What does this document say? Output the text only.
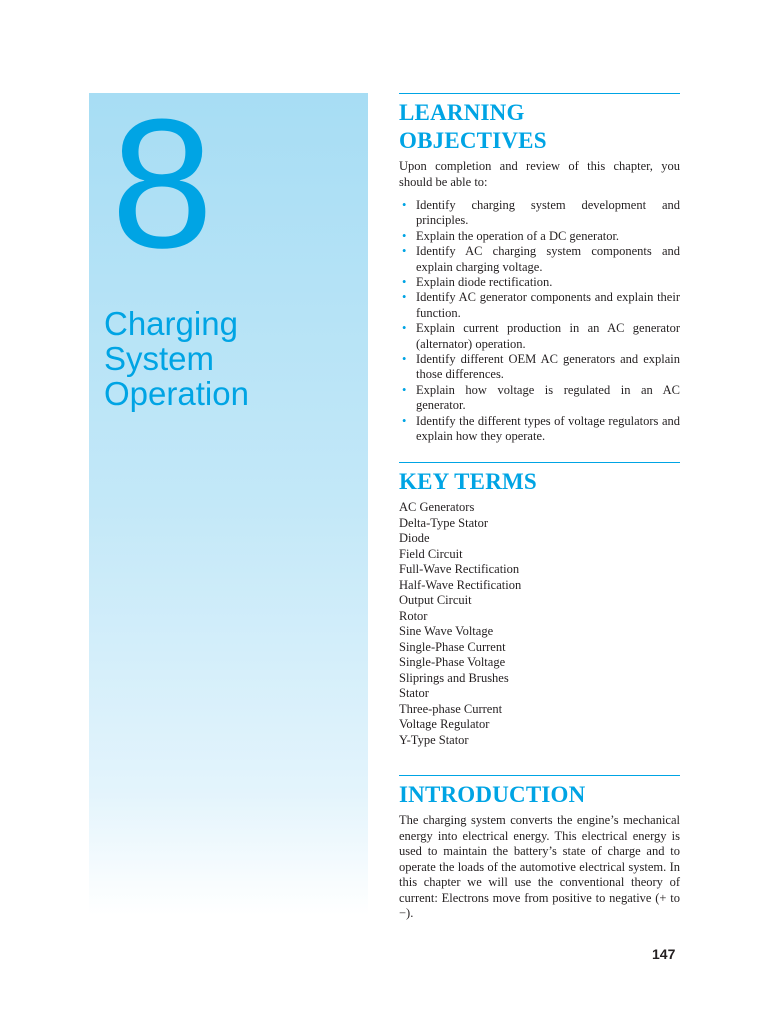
8

Charging
System
Operation
LEARNING
OBJECTIVES

Upon completion and review of this chapter, you should be able to:

• Identify charging system development and principles.
• Explain the operation of a DC generator.
• Identify AC charging system components and explain charging voltage.
• Explain diode rectification.
• Identify AC generator components and explain their function.
• Explain current production in an AC generator (alternator) operation.
• Identify different OEM AC generators and explain those differences.
• Explain how voltage is regulated in an AC generator.
• Identify the different types of voltage regulators and explain how they operate.
KEY TERMS
AC Generators
Delta-Type Stator
Diode
Field Circuit
Full-Wave Rectification
Half-Wave Rectification
Output Circuit
Rotor
Sine Wave Voltage
Single-Phase Current
Single-Phase Voltage
Sliprings and Brushes
Stator
Three-phase Current
Voltage Regulator
Y-Type Stator
INTRODUCTION

The charging system converts the engine’s mechanical energy into electrical energy. This electrical energy is used to maintain the battery’s state of charge and to operate the loads of the automotive electrical system. In this chapter we will use the conventional theory of current: Electrons move from positive to negative (+ to −).

147
